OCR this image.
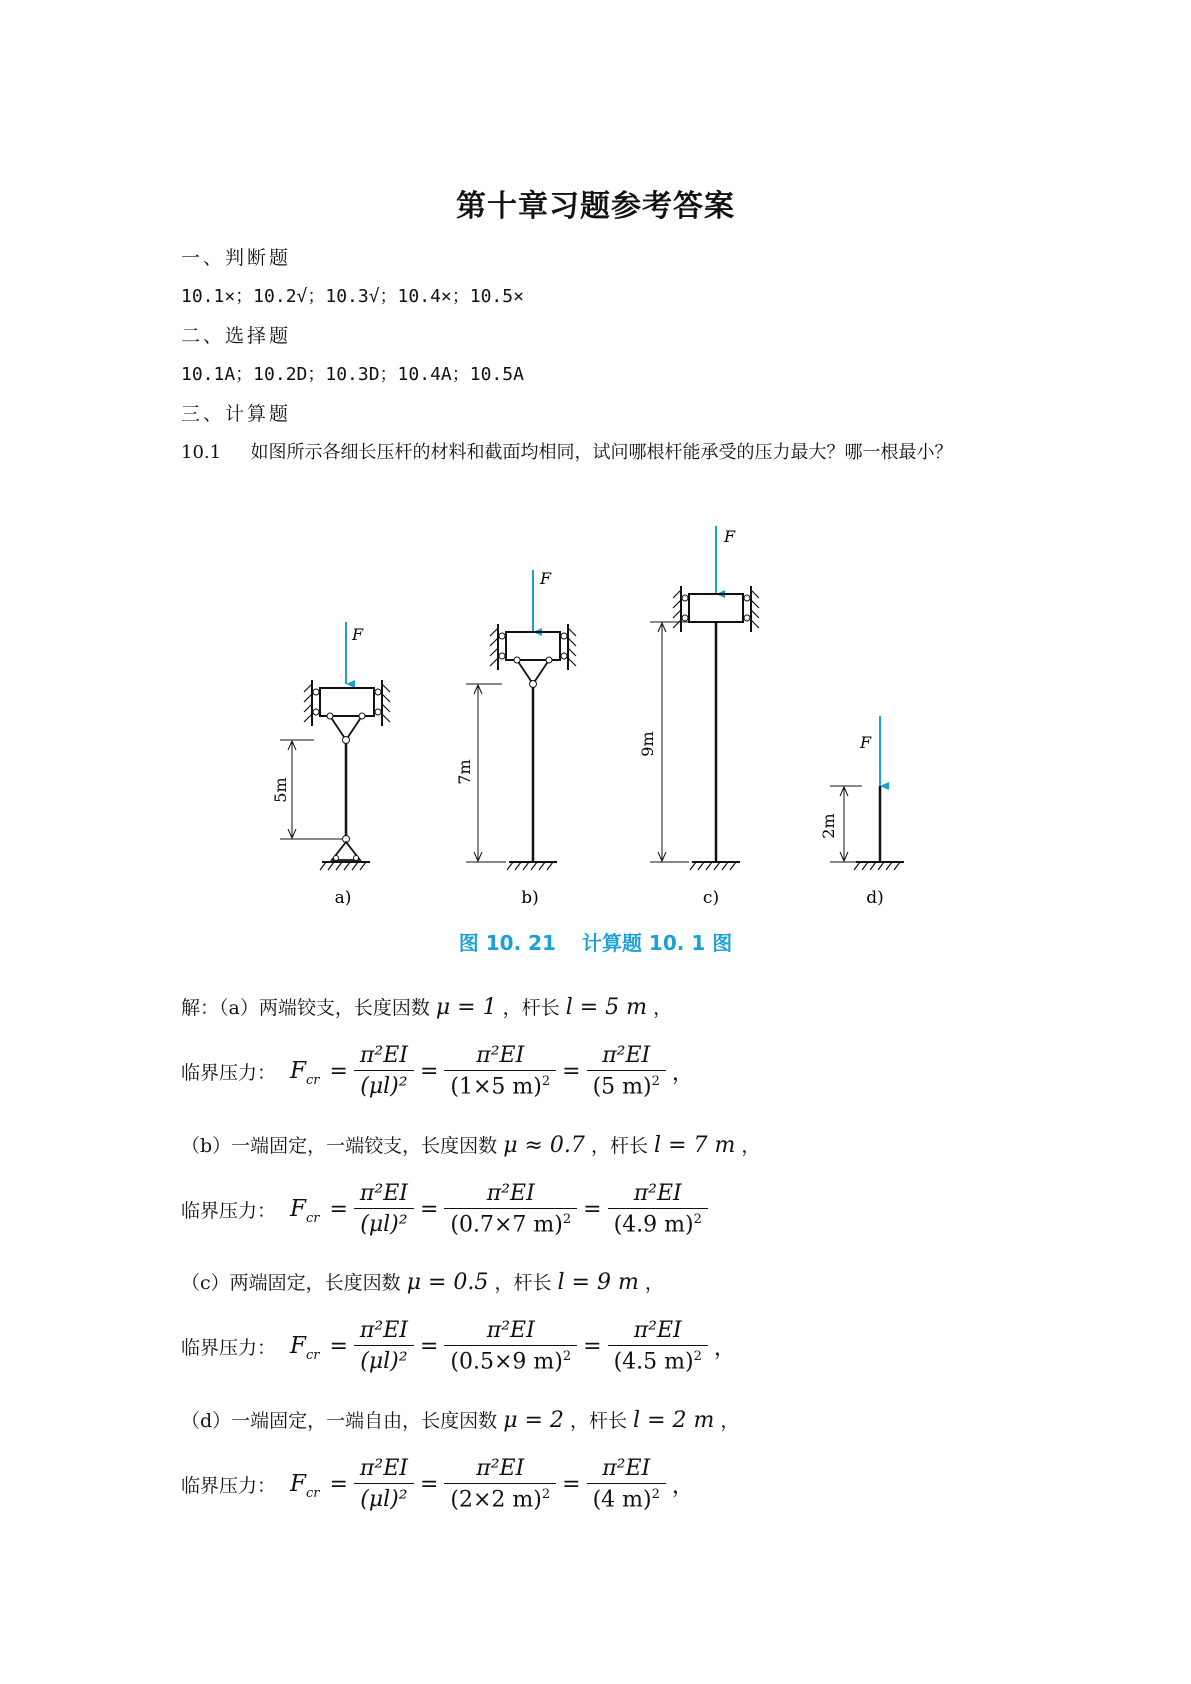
第十章习题参考答案
一、判断题
10.1×；10.2√；10.3√；10.4×；10.5×
二、选择题
10.1A；10.2D；10.3D；10.4A；10.5A
三、计算题
10.1 如图所示各细长压杆的材料和截面均相同，试问哪根杆能承受的压力最大？哪一根最小？
F
5m
a)
F
7m
b)
F
9m
c)
F
2m
d)
图 10. 21 计算题 10. 1 图
解：（a）两端铰支，长度因数 μ = 1 ，杆长 l = 5 m ，
临界压力： F cr = $\frac{\text{π²EI}}{\text{(μl)²}} = \frac{\text{π²EI}}{(1\times 5 m)^2} = \frac{\text{π²EI}}{(5 m)^2}$ ，
（b）一端固定，一端铰支，长度因数 μ ≈ 0.7 ，杆长 l = 7 m ，
临界压力： F cr = $\frac{\text{π²EI}}{\text{(μl)²}} = \frac{\text{π²EI}}{(0.7\times 7 m)^2} = \frac{\text{π²EI}}{(4.9 m)^2}$
（c）两端固定，长度因数 μ = 0.5 ，杆长 l = 9 m ，
临界压力： F cr = $\frac{\text{π²EI}}{\text{(μl)²}} = \frac{\text{π²EI}}{(0.5\times 9 m)^2} = \frac{\text{π²EI}}{(4.5 m)^2}$ ，
（d）一端固定，一端自由，长度因数 μ = 2 ，杆长 l = 2 m ，
临界压力： F cr = $\frac{\text{π²EI}}{\text{(μl)²}} = \frac{\text{π²EI}}{(2\times 2 m)^2} = \frac{\text{π²EI}}{(4 m)^2}$ ，
